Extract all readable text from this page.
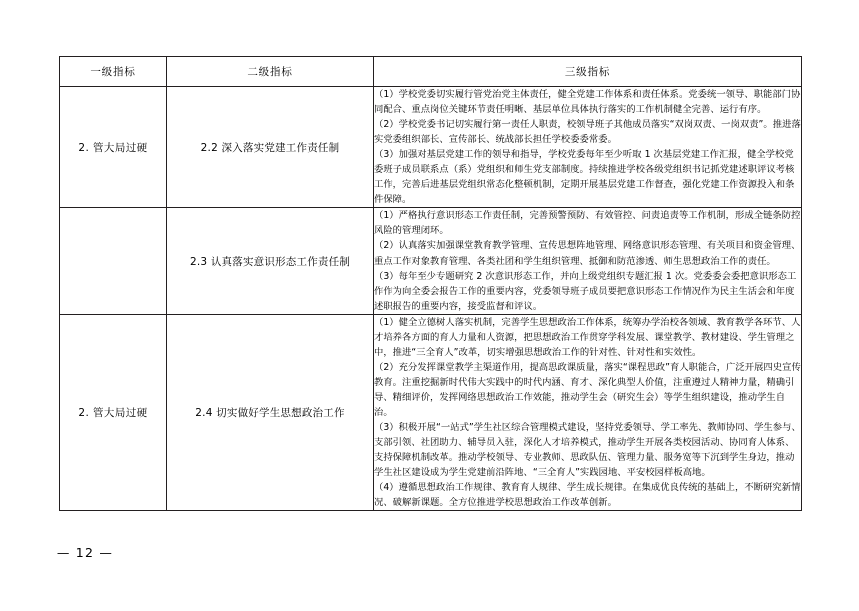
一级指标	二级指标	三级指标
2. 管大局过硬	2.2 深入落实党建工作责任制	（1）学校党委切实履行管党治党主体责任，健全党建工作体系和责任体系。党委统一领导、职能部门协同配合、重点岗位关键环节责任明晰、基层单位具体执行落实的工作机制健全完善、运行有序。

（2）学校党委书记切实履行第一责任人职责，校领导班子其他成员落实“双岗双责、一岗双责”。推进落实党委组织部长、宣传部长、统战部长担任学校委委常委。

（3）加强对基层党建工作的领导和指导，学校党委每年至少听取 1 次基层党建工作汇报，健全学校党委班子成员联系点（系）党组织和师生党支部制度。持续推进学校各级党组织书记抓党建述职评议考核工作，完善后进基层党组织常态化整顿机制，定期开展基层党建工作督查，强化党建工作资源投入和条件保障。

	2.3 认真落实意识形态工作责任制	（1）严格执行意识形态工作责任制，完善预警预防、有效管控、问责追责等工作机制，形成全链条防控风险的管理闭环。

（2）认真落实加强课堂教育教学管理、宣传思想阵地管理、网络意识形态管理、有关项目和资金管理、重点工作对象教育管理、各类社团和学生组织管理、抵御和防范渗透、师生思想政治工作的责任。

（3）每年至少专题研究 2 次意识形态工作，并向上级党组织专题汇报 1 次。党委委会委把意识形态工作作为向全委会报告工作的重要内容，党委领导班子成员要把意识形态工作情况作为民主生活会和年度述职报告的重要内容，接受监督和评议。

2. 管大局过硬	2.4 切实做好学生思想政治工作	（1）健全立德树人落实机制，完善学生思想政治工作体系，统筹办学治校各领域、教育教学各环节、人才培养各方面的育人力量和人资源，把思想政治工作贯穿学科发展、课堂教学、教材建设、学生管理之中，推进“三全育人”改革，切实增强思想政治工作的针对性、针对性和实效性。

（2）充分发挥课堂教学主渠道作用，提高思政课质量，落实“课程思政”育人职能合，广泛开展四史宣传教育。注重挖掘新时代伟大实践中的时代内涵、育才、深化典型人价值，注重遵过人精神力量，精确引导、精细评价，发挥网络思想政治工作效能，推动学生会（研究生会）等学生组织建设，推动学生自治。

（3）积极开展“一站式”学生社区综合管理模式建设，坚持党委领导、学工率先、教师协同、学生参与、支部引领、社团助力、辅导员入驻，深化人才培养模式，推动学生开展各类校园活动、协同育人体系、支持保障机制改革。推动学校领导、专业教师、思政队伍、管理力量、服务宽等下沉到学生身边，推动学生社区建设成为学生党建前沿阵地、“三全育人”实践园地、平安校园样板高地。

（4）遵循思想政治工作规律、教育育人规律、学生成长规律。在集成优良传统的基础上，不断研究新情况、破解新课题。全方位推进学校思想政治工作改革创新。

— 12 —
